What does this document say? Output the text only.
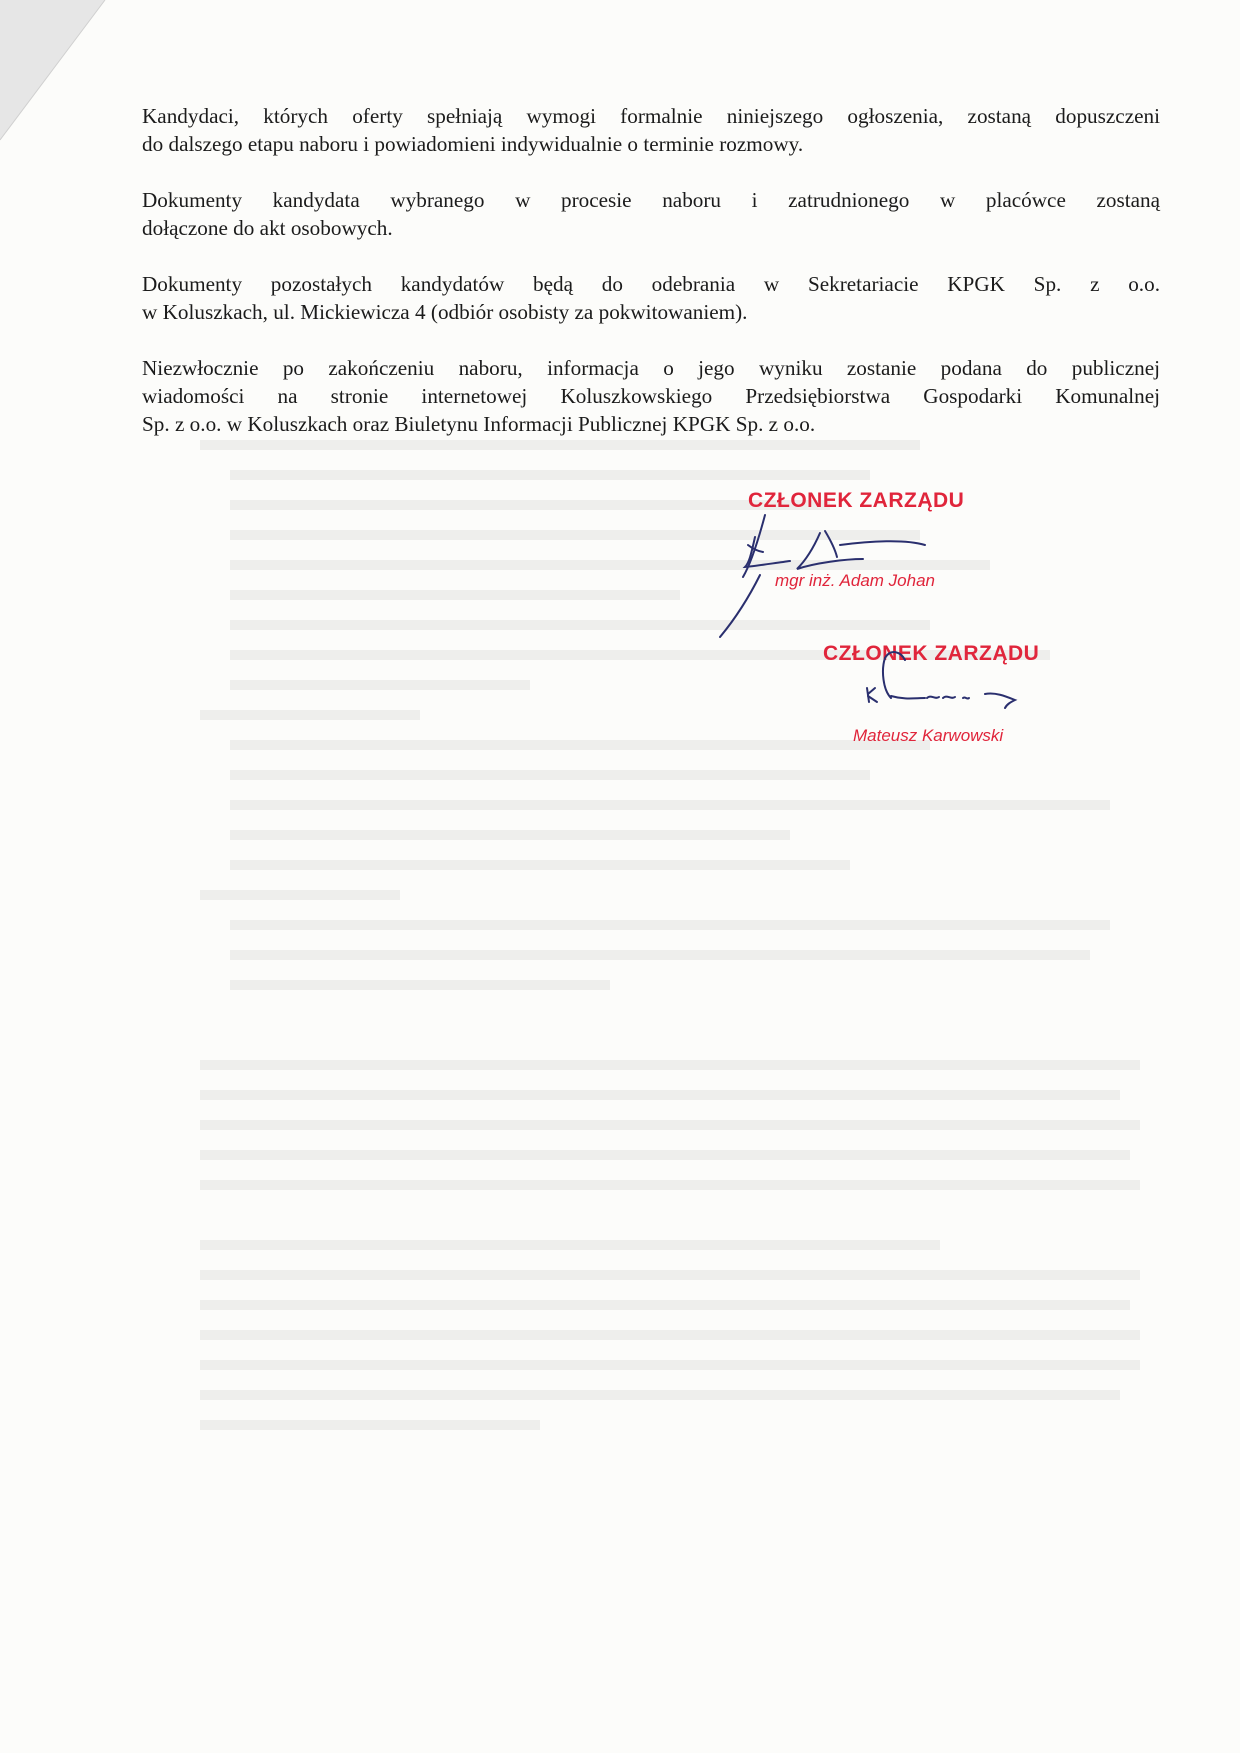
Kandydaci, których oferty spełniają wymogi formalnie niniejszego ogłoszenia, zostaną dopuszczeni
do dalszego etapu naboru i powiadomieni indywidualnie o terminie rozmowy.

Dokumenty kandydata wybranego w procesie naboru i zatrudnionego w placówce zostaną
dołączone do akt osobowych.

Dokumenty pozostałych kandydatów będą do odebrania w Sekretariacie KPGK Sp. z o.o.
w Koluszkach, ul. Mickiewicza 4 (odbiór osobisty za pokwitowaniem).

Niezwłocznie po zakończeniu naboru, informacja o jego wyniku zostanie podana do publicznej
wiadomości na stronie internetowej Koluszkowskiego Przedsiębiorstwa Gospodarki Komunalnej
Sp. z o.o. w Koluszkach oraz Biuletynu Informacji Publicznej KPGK Sp. z o.o.

CZŁONEK ZARZĄDU
mgr inż. Adam Johan
CZŁONEK ZARZĄDU
Mateusz Karwowski
